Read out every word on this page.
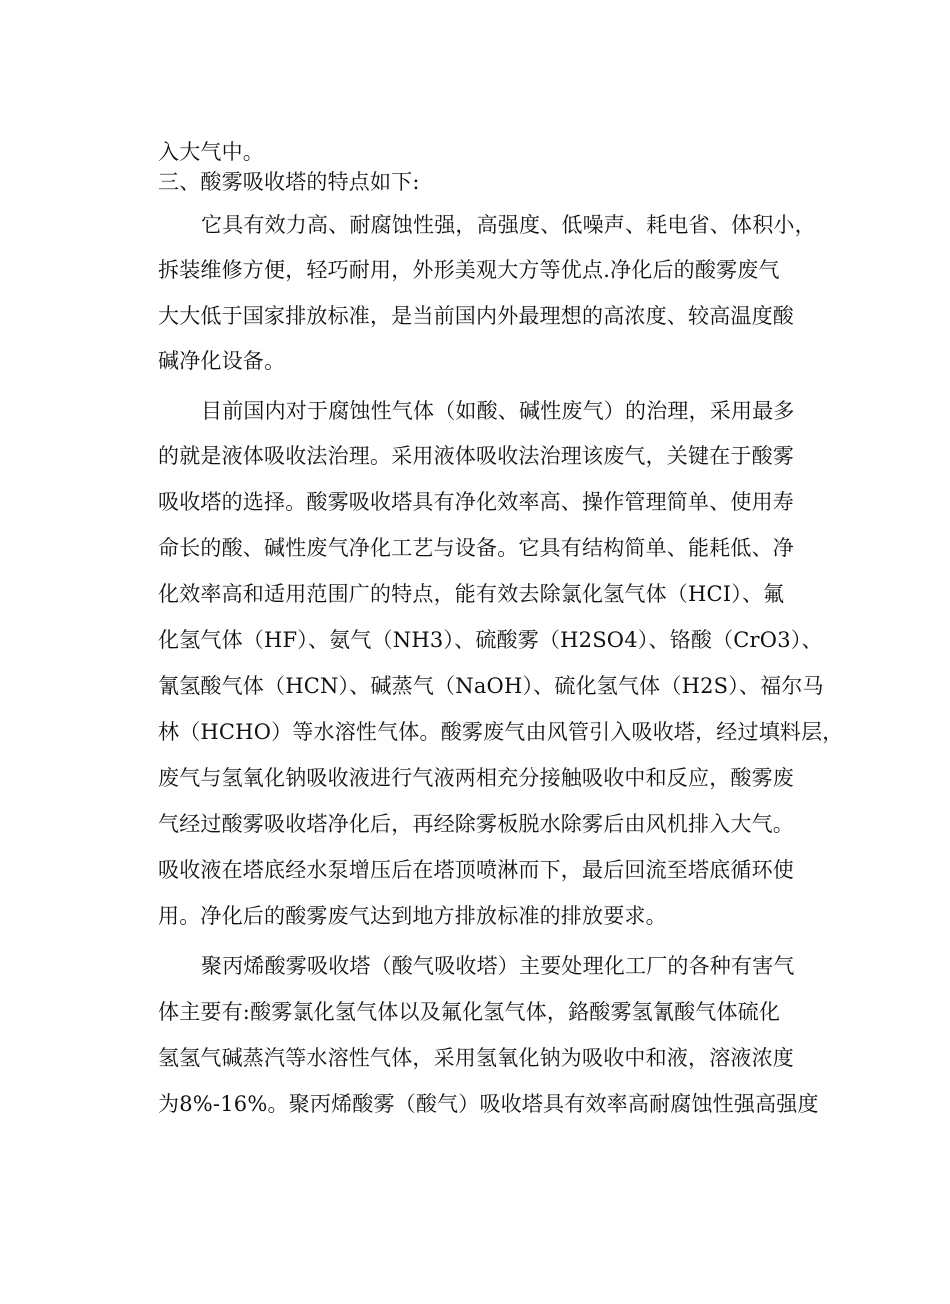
入大气中。
三、酸雾吸收塔的特点如下:
它具有效力高、耐腐蚀性强，高强度、低噪声、耗电省、体积小，
拆装维修方便，轻巧耐用，外形美观大方等优点.净化后的酸雾废气
大大低于国家排放标准，是当前国内外最理想的高浓度、较高温度酸
碱净化设备。
目前国内对于腐蚀性气体（如酸、碱性废气）的治理，采用最多
的就是液体吸收法治理。采用液体吸收法治理该废气，关键在于酸雾
吸收塔的选择。酸雾吸收塔具有净化效率高、操作管理简单、使用寿
命长的酸、碱性废气净化工艺与设备。它具有结构简单、能耗低、净
化效率高和适用范围广的特点，能有效去除氯化氢气体（HCI）、氟
化氢气体（HF）、氨气（NH3）、硫酸雾（H2SO4）、铬酸（CrO3）、
氰氢酸气体（HCN）、碱蒸气（NaOH）、硫化氢气体（H2S）、福尔马
林（HCHO）等水溶性气体。酸雾废气由风管引入吸收塔，经过填料层，
废气与氢氧化钠吸收液进行气液两相充分接触吸收中和反应，酸雾废
气经过酸雾吸收塔净化后，再经除雾板脱水除雾后由风机排入大气。
吸收液在塔底经水泵增压后在塔顶喷淋而下，最后回流至塔底循环使
用。净化后的酸雾废气达到地方排放标准的排放要求。
聚丙烯酸雾吸收塔（酸气吸收塔）主要处理化工厂的各种有害气
体主要有:酸雾氯化氢气体以及氟化氢气体，鉻酸雾氢氰酸气体硫化
氢氢气碱蒸汽等水溶性气体，采用氢氧化钠为吸收中和液，溶液浓度
为8%-16%。聚丙烯酸雾（酸气）吸收塔具有效率高耐腐蚀性强高强度
